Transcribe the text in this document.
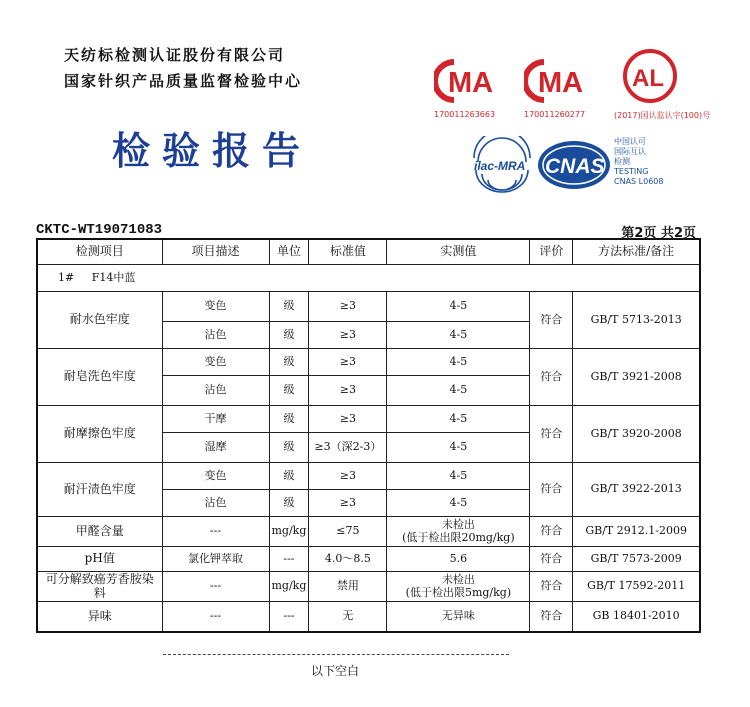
天纺标检测认证股份有限公司
国家针织产品质量监督检验中心
检验报告
MA
170011263663
MA
170011260277
AL
(2017)国认监认字(100)号
ilac-MRA CNAS
中国认可
国际互认
检测
TESTING
CNAS L0608
CKTC-WT19071083	第2页 共2页
检测项目	项目描述	单位	标准值	实测值	评价	方法标准/备注
1#     F14中蓝						
耐水色牢度	变色	级	≥3	4-5	符合	GB/T 5713-2013
	沾色	级	≥3	4-5		
耐皂洗色牢度	变色	级	≥3	4-5	符合	GB/T 3921-2008
	沾色	级	≥3	4-5		
耐摩擦色牢度	干摩	级	≥3	4-5	符合	GB/T 3920-2008
	湿摩	级	≥3（深2-3）	4-5		
耐汗渍色牢度	变色	级	≥3	4-5	符合	GB/T 3922-2013
	沾色	级	≥3	4-5		
甲醛含量	---	mg/kg	≤75	未检出
(低于检出限20mg/kg)	符合	GB/T 2912.1-2009
pH值	氯化钾萃取	---	4.0～8.5	5.6	符合	GB/T 7573-2009
可分解致癌芳香胺染料	---	mg/kg	禁用	未检出
(低于检出限5mg/kg)	符合	GB/T 17592-2011
异味	---	---	无	无异味	符合	GB 18401-2010
以下空白
